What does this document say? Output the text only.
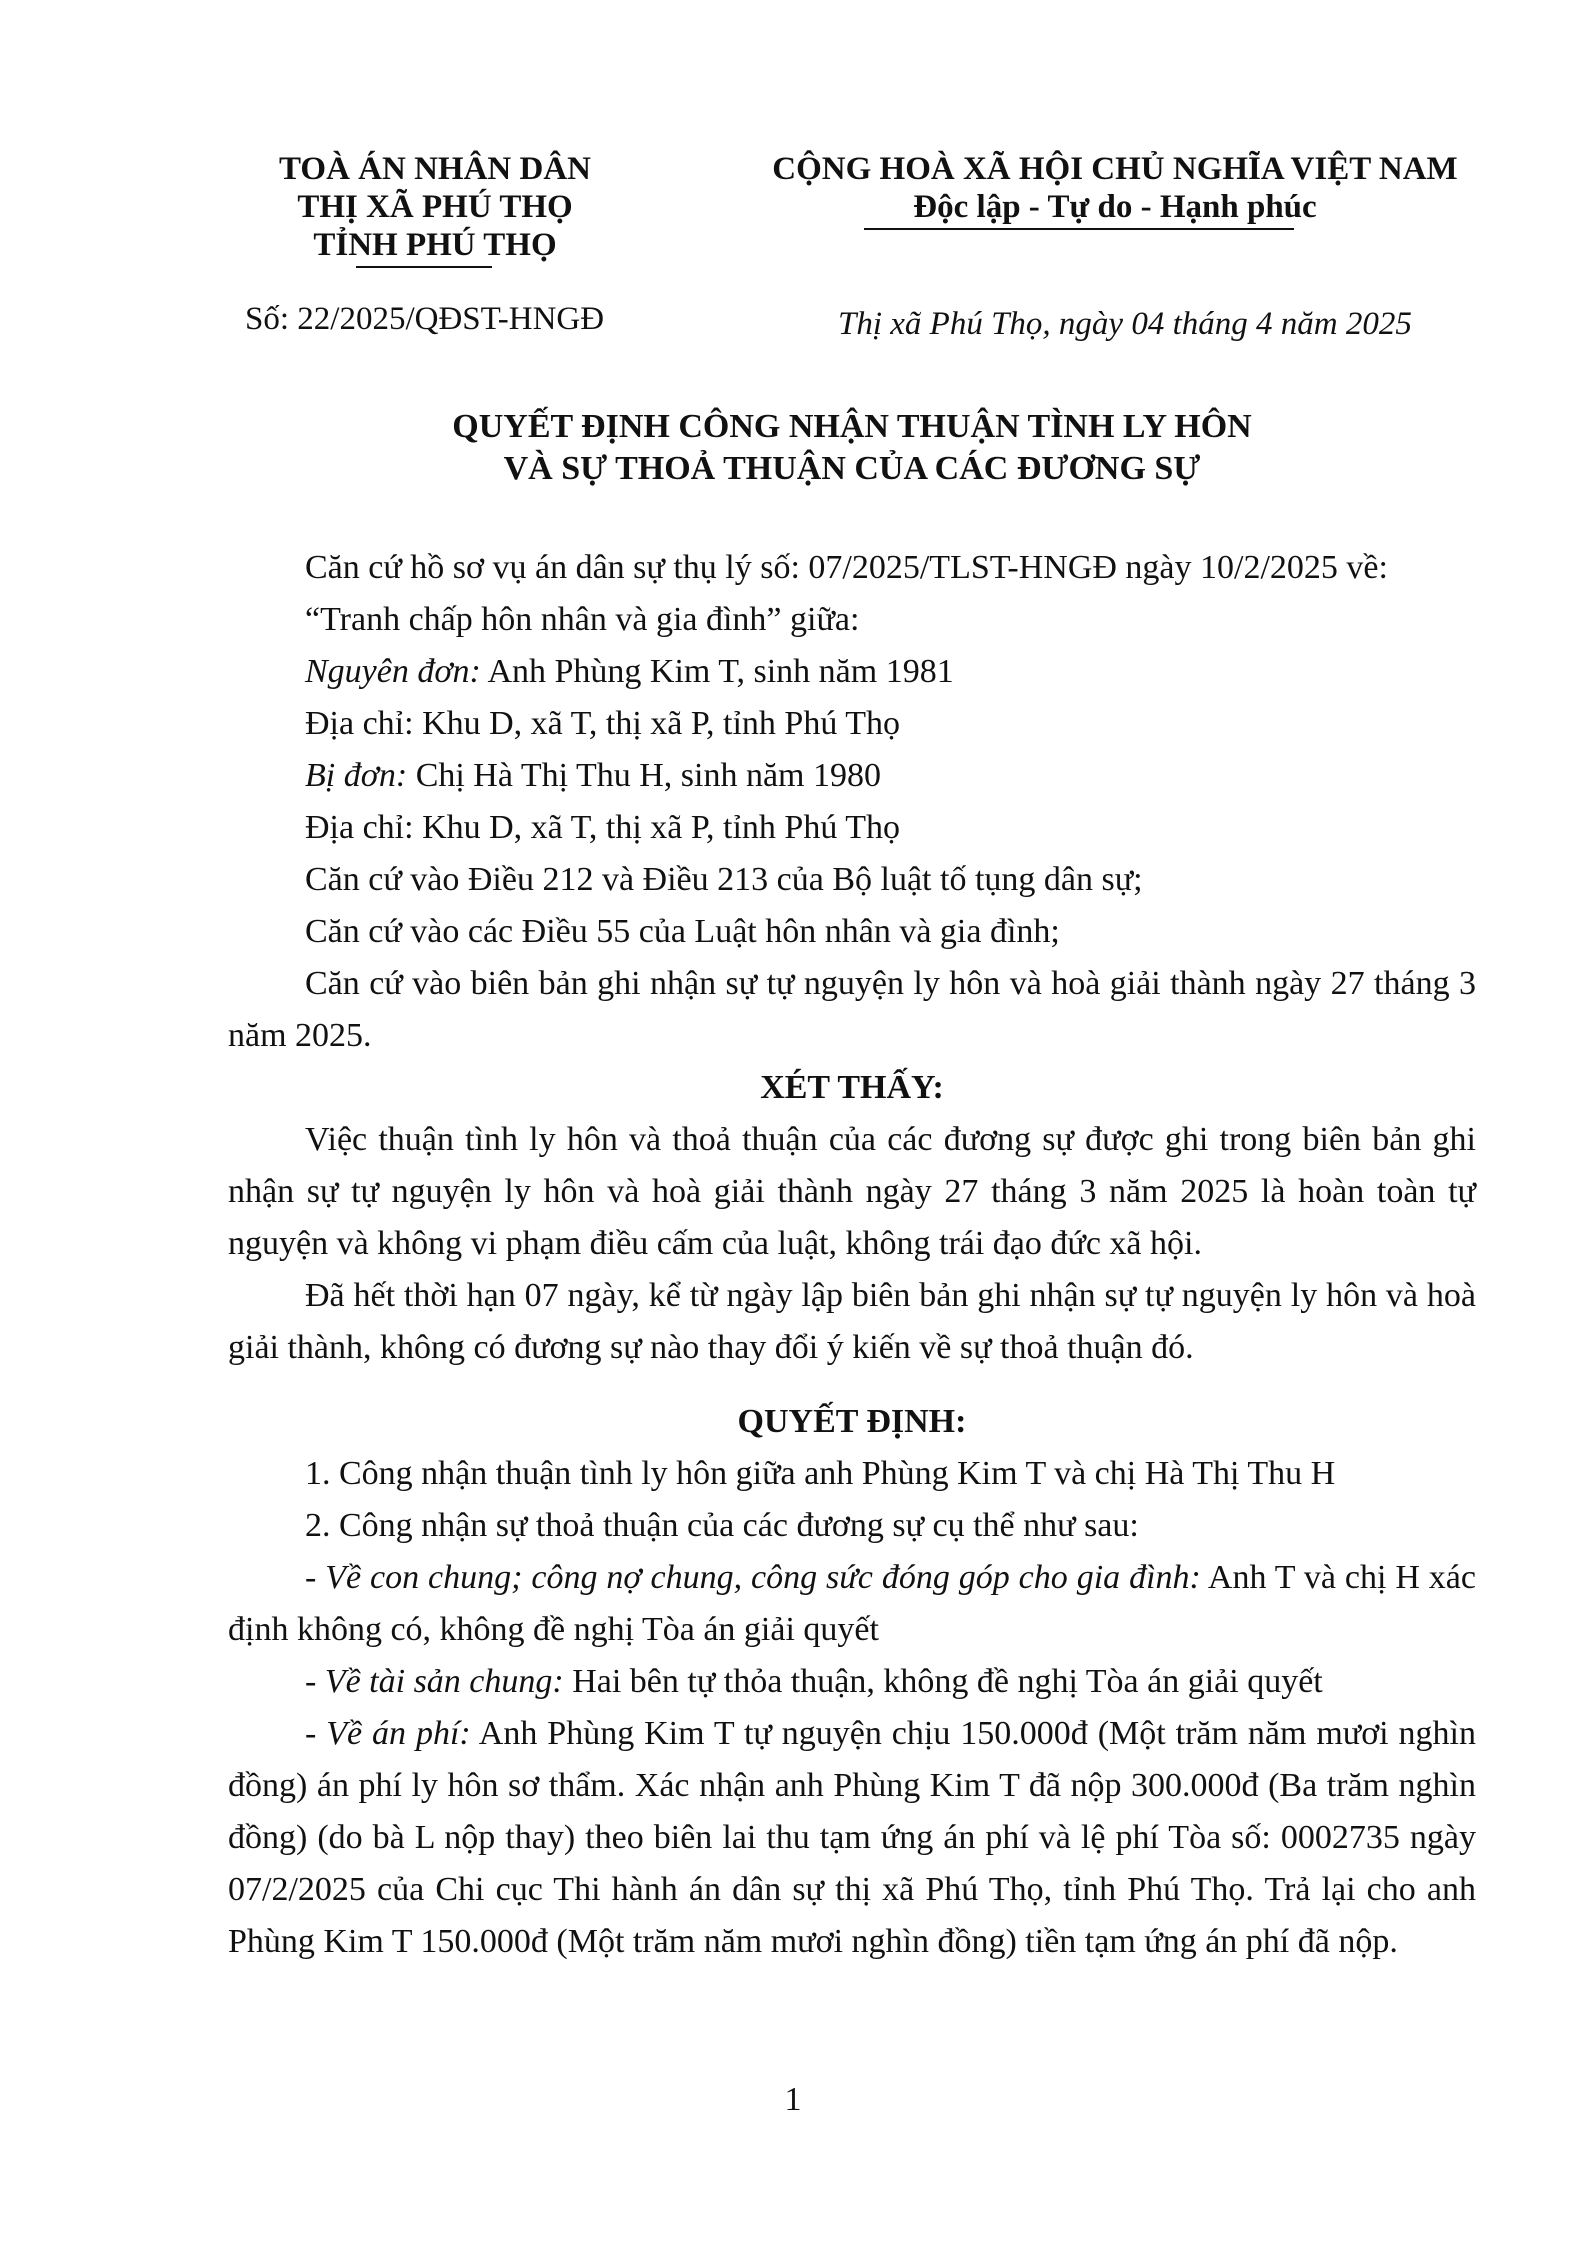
TOÀ ÁN NHÂN DÂN
THỊ XÃ PHÚ THỌ
TỈNH PHÚ THỌ
Số: 22/2025/QĐST-HNGĐ
CỘNG HOÀ XÃ HỘI CHỦ NGHĨA VIỆT NAM
Độc lập - Tự do - Hạnh phúc
Thị xã Phú Thọ, ngày 04 tháng 4 năm 2025
QUYẾT ĐỊNH CÔNG NHẬN THUẬN TÌNH LY HÔN
VÀ SỰ THOẢ THUẬN CỦA CÁC ĐƯƠNG SỰ

Căn cứ hồ sơ vụ án dân sự thụ lý số: 07/2025/TLST-HNGĐ ngày 10/2/2025 về:

“Tranh chấp hôn nhân và gia đình” giữa:

Nguyên đơn: Anh Phùng Kim T, sinh năm 1981

Địa chỉ: Khu D, xã T, thị xã P, tỉnh Phú Thọ

Bị đơn: Chị Hà Thị Thu H, sinh năm 1980

Địa chỉ: Khu D, xã T, thị xã P, tỉnh Phú Thọ

Căn cứ vào Điều 212 và Điều 213 của Bộ luật tố tụng dân sự;

Căn cứ vào các Điều 55 của Luật hôn nhân và gia đình;

Căn cứ vào biên bản ghi nhận sự tự nguyện ly hôn và hoà giải thành ngày 27 tháng 3 năm 2025.

XÉT THẤY:

Việc thuận tình ly hôn và thoả thuận của các đương sự được ghi trong biên bản ghi nhận sự tự nguyện ly hôn và hoà giải thành ngày 27 tháng 3 năm 2025 là hoàn toàn tự nguyện và không vi phạm điều cấm của luật, không trái đạo đức xã hội.

Đã hết thời hạn 07 ngày, kể từ ngày lập biên bản ghi nhận sự tự nguyện ly hôn và hoà giải thành, không có đương sự nào thay đổi ý kiến về sự thoả thuận đó.

QUYẾT ĐỊNH:

1. Công nhận thuận tình ly hôn giữa anh Phùng Kim T và chị Hà Thị Thu H

2. Công nhận sự thoả thuận của các đương sự cụ thể như sau:

- Về con chung; công nợ chung, công sức đóng góp cho gia đình: Anh T và chị H xác định không có, không đề nghị Tòa án giải quyết

- Về tài sản chung: Hai bên tự thỏa thuận, không đề nghị Tòa án giải quyết

- Về án phí: Anh Phùng Kim T tự nguyện chịu 150.000đ (Một trăm năm mươi nghìn đồng) án phí ly hôn sơ thẩm. Xác nhận anh Phùng Kim T đã nộp 300.000đ (Ba trăm nghìn đồng) (do bà L nộp thay) theo biên lai thu tạm ứng án phí và lệ phí Tòa số: 0002735 ngày 07/2/2025 của Chi cục Thi hành án dân sự thị xã Phú Thọ, tỉnh Phú Thọ. Trả lại cho anh Phùng Kim T 150.000đ (Một trăm năm mươi nghìn đồng) tiền tạm ứng án phí đã nộp.

1
